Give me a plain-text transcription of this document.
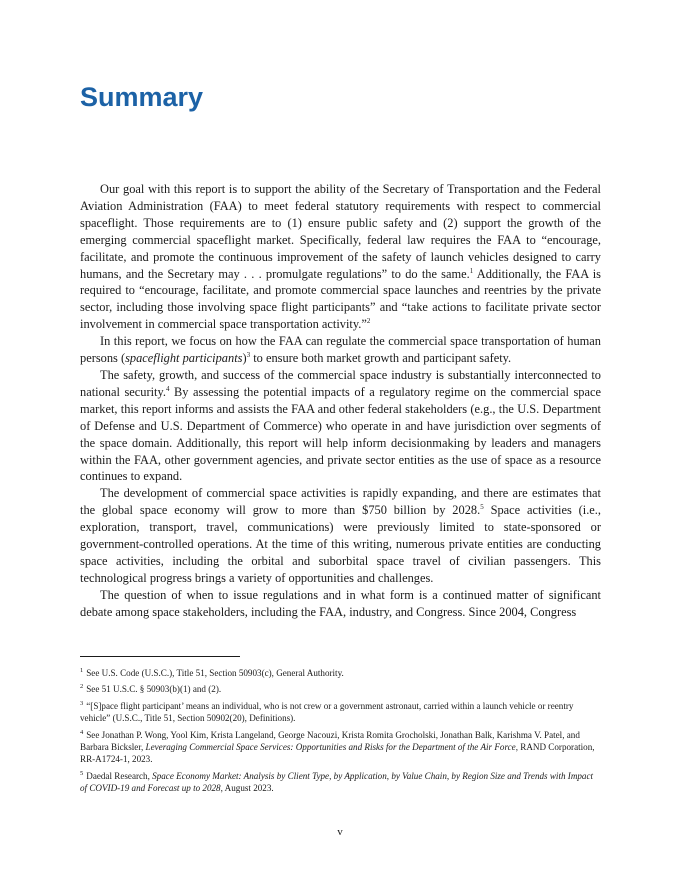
Summary

Our goal with this report is to support the ability of the Secretary of Transportation and the Federal Aviation Administration (FAA) to meet federal statutory requirements with respect to commercial spaceflight. Those requirements are to (1) ensure public safety and (2) support the growth of the emerging commercial spaceflight market. Specifically, federal law requires the FAA to “encourage, facilitate, and promote the continuous improvement of the safety of launch vehicles designed to carry humans, and the Secretary may . . . promulgate regulations” to do the same.$^1$ Additionally, the FAA is required to “encourage, facilitate, and promote commercial space launches and reentries by the private sector, including those involving space flight participants” and “take actions to facilitate private sector involvement in commercial space transportation activity.”$^2$

In this report, we focus on how the FAA can regulate the commercial space transportation of human persons (spaceflight participants)$^3$ to ensure both market growth and participant safety.

The safety, growth, and success of the commercial space industry is substantially interconnected to national security.$^4$ By assessing the potential impacts of a regulatory regime on the commercial space market, this report informs and assists the FAA and other federal stakeholders (e.g., the U.S. Department of Defense and U.S. Department of Commerce) who operate in and have jurisdiction over segments of the space domain. Additionally, this report will help inform decisionmaking by leaders and managers within the FAA, other government agencies, and private sector entities as the use of space as a resource continues to expand.

The development of commercial space activities is rapidly expanding, and there are estimates that the global space economy will grow to more than $750 billion by 2028.$^5$ Space activities (i.e., exploration, transport, travel, communications) were previously limited to state-sponsored or government-controlled operations. At the time of this writing, numerous private entities are conducting space activities, including the orbital and suborbital space travel of civilian passengers. This technological progress brings a variety of opportunities and challenges.

The question of when to issue regulations and in what form is a continued matter of significant debate among space stakeholders, including the FAA, industry, and Congress. Since 2004, Congress

$^1$ See U.S. Code (U.S.C.), Title 51, Section 50903(c), General Authority.

$^2$ See 51 U.S.C. § 50903(b)(1) and (2).

$^3$ “[S]pace flight participant’ means an individual, who is not crew or a government astronaut, carried within a launch vehicle or reentry vehicle” (U.S.C., Title 51, Section 50902(20), Definitions).

$^4$ See Jonathan P. Wong, Yool Kim, Krista Langeland, George Nacouzi, Krista Romita Grocholski, Jonathan Balk, Karishma V. Patel, and Barbara Bicksler, Leveraging Commercial Space Services: Opportunities and Risks for the Department of the Air Force, RAND Corporation, RR-A1724-1, 2023.

$^5$ Daedal Research, Space Economy Market: Analysis by Client Type, by Application, by Value Chain, by Region Size and Trends with Impact of COVID-19 and Forecast up to 2028, August 2023.

v
